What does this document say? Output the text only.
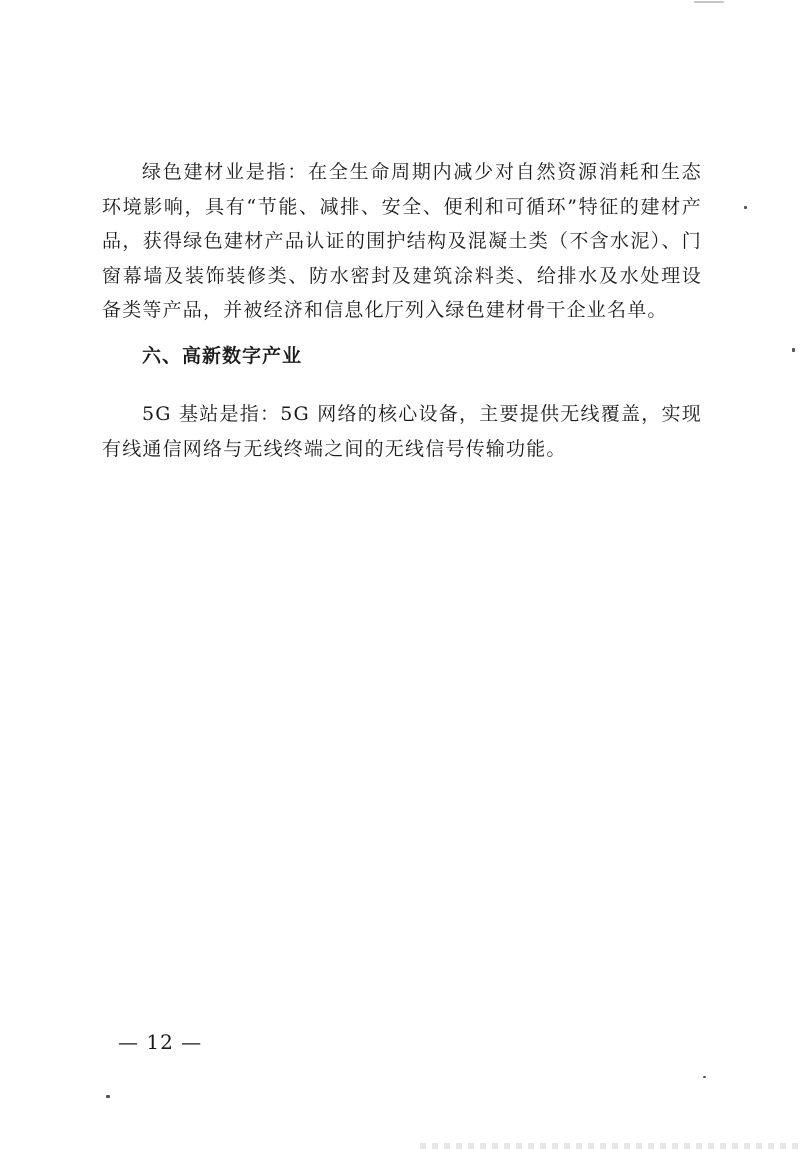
绿色建材业是指：在全生命周期内减少对自然资源消耗和生态环境影响，具有“节能、减排、安全、便利和可循环”特征的建材产品，获得绿色建材产品认证的围护结构及混凝土类（不含水泥）、门窗幕墙及装饰装修类、防水密封及建筑涂料类、给排水及水处理设备类等产品，并被经济和信息化厅列入绿色建材骨干企业名单。

六、高新数字产业

5G 基站是指：5G 网络的核心设备，主要提供无线覆盖，实现有线通信网络与无线终端之间的无线信号传输功能。

— 12 —
